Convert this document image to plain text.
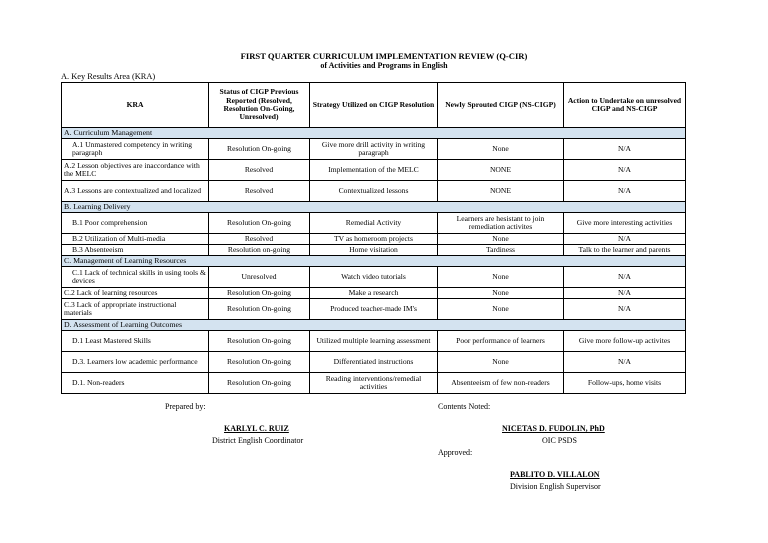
FIRST QUARTER CURRICULUM IMPLEMENTATION REVIEW (Q-CIR)
of Activities and Programs in English
A. Key Results Area (KRA)
KRA	Status of CIGP Previous Reported (Resolved, Resolution On-Going, Unresolved)	Strategy Utilized on CIGP Resolution	Newly Sprouted CIGP (NS-CIGP)	Action to Undertake on unresolved CIGP and NS-CIGP
A. Curriculum Management				
A.1 Unmastered competency in writing paragraph	Resolution On-going	Give more drill activity in writing paragraph	None	N/A
A.2 Lesson objectives are inaccordance with the MELC	Resolved	Implementation of the MELC	NONE	N/A
A.3 Lessons are contextualized and localized	Resolved	Contextualized lessons	NONE	N/A
B. Learning Delivery				
B.1 Poor comprehension	Resolution On-going	Remedial Activity	Learners are hesistant to join remediation activites	Give more interesting activities
B.2 Utilization of Multi-media	Resolved	TV as homeroom projects	None	N/A
B.3 Absenteeism	Resolution on-going	Home visitation	Tardiness	Talk to the learner and parents
C. Management of Learning Resources				
C.1 Lack of technical skills in using tools & devices	Unresolved	Watch video tutorials	None	N/A
C.2 Lack of learning resources	Resolution On-going	Make a research	None	N/A
C.3 Lack of appropriate instructional materials	Resolution On-going	Produced teacher-made IM's	None	N/A
D. Assessment of Learning Outcomes				
D.1 Least Mastered Skills	Resolution On-going	Utilized multiple learning assessment	Poor performance of learners	Give more follow-up activites
D.3. Learners low academic performance	Resolution On-going	Differentiated instructions	None	N/A
D.1. Non-readers	Resolution On-going	Reading interventions/remedial activities	Absenteeism of few non-readers	Follow-ups, home visits
Prepared by:
KARLYL C. RUIZ
District English Coordinator
Contents Noted:
NICETAS D. FUDOLIN, PhD
OIC PSDS
Approved:
PABLITO D. VILLALON
Division English Supervisor
